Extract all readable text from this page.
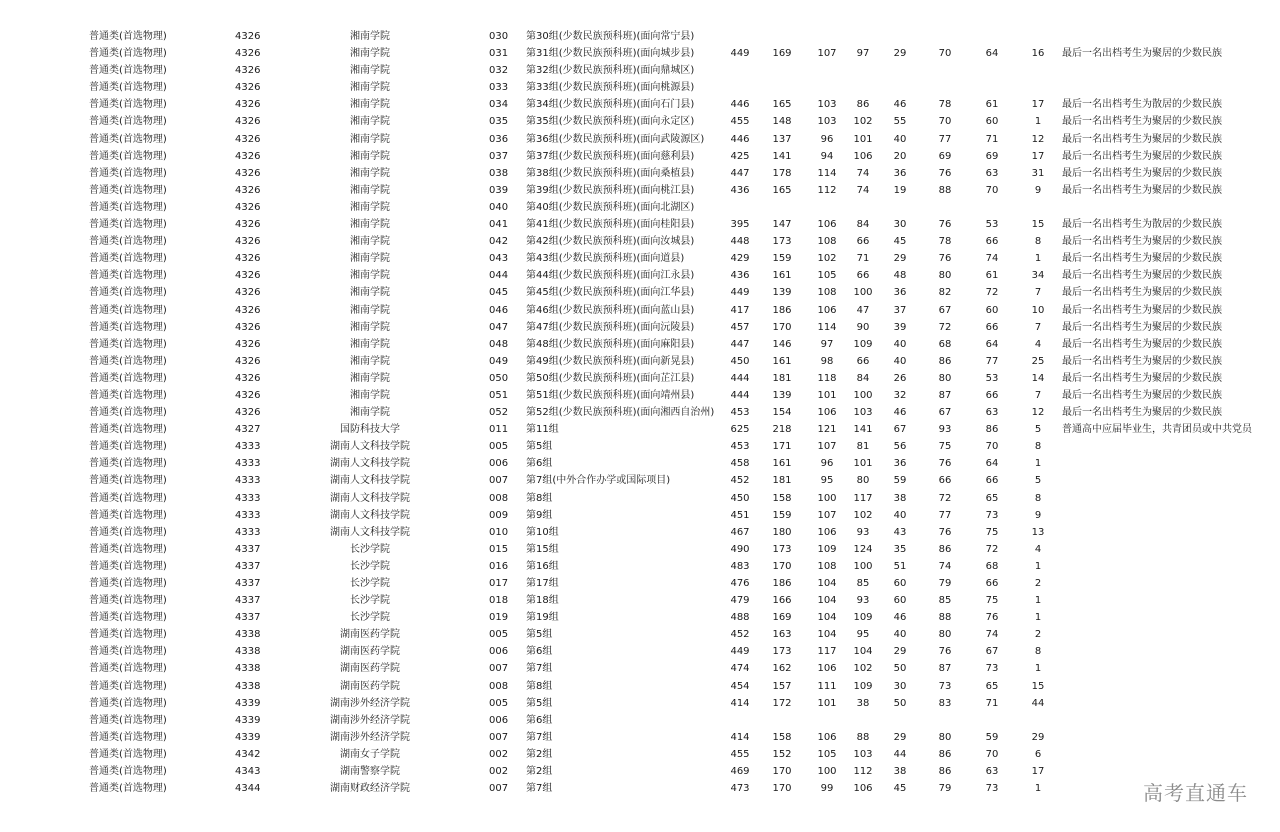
普通类(首选物理)	4326	湘南学院	030	第30组(少数民族预科班)(面向常宁县)
普通类(首选物理)	4326	湘南学院	031	第31组(少数民族预科班)(面向城步县)	449	169	107	97	29	70	64	16	最后一名出档考生为聚居的少数民族
普通类(首选物理)	4326	湘南学院	032	第32组(少数民族预科班)(面向鼎城区)
普通类(首选物理)	4326	湘南学院	033	第33组(少数民族预科班)(面向桃源县)
普通类(首选物理)	4326	湘南学院	034	第34组(少数民族预科班)(面向石门县)	446	165	103	86	46	78	61	17	最后一名出档考生为散居的少数民族
普通类(首选物理)	4326	湘南学院	035	第35组(少数民族预科班)(面向永定区)	455	148	103	102	55	70	60	1	最后一名出档考生为聚居的少数民族
普通类(首选物理)	4326	湘南学院	036	第36组(少数民族预科班)(面向武陵源区)	446	137	96	101	40	77	71	12	最后一名出档考生为聚居的少数民族
普通类(首选物理)	4326	湘南学院	037	第37组(少数民族预科班)(面向慈利县)	425	141	94	106	20	69	69	17	最后一名出档考生为聚居的少数民族
普通类(首选物理)	4326	湘南学院	038	第38组(少数民族预科班)(面向桑植县)	447	178	114	74	36	76	63	31	最后一名出档考生为聚居的少数民族
普通类(首选物理)	4326	湘南学院	039	第39组(少数民族预科班)(面向桃江县)	436	165	112	74	19	88	70	9	最后一名出档考生为聚居的少数民族
普通类(首选物理)	4326	湘南学院	040	第40组(少数民族预科班)(面向北湖区)
普通类(首选物理)	4326	湘南学院	041	第41组(少数民族预科班)(面向桂阳县)	395	147	106	84	30	76	53	15	最后一名出档考生为散居的少数民族
普通类(首选物理)	4326	湘南学院	042	第42组(少数民族预科班)(面向汝城县)	448	173	108	66	45	78	66	8	最后一名出档考生为聚居的少数民族
普通类(首选物理)	4326	湘南学院	043	第43组(少数民族预科班)(面向道县)	429	159	102	71	29	76	74	1	最后一名出档考生为聚居的少数民族
普通类(首选物理)	4326	湘南学院	044	第44组(少数民族预科班)(面向江永县)	436	161	105	66	48	80	61	34	最后一名出档考生为聚居的少数民族
普通类(首选物理)	4326	湘南学院	045	第45组(少数民族预科班)(面向江华县)	449	139	108	100	36	82	72	7	最后一名出档考生为聚居的少数民族
普通类(首选物理)	4326	湘南学院	046	第46组(少数民族预科班)(面向蓝山县)	417	186	106	47	37	67	60	10	最后一名出档考生为聚居的少数民族
普通类(首选物理)	4326	湘南学院	047	第47组(少数民族预科班)(面向沅陵县)	457	170	114	90	39	72	66	7	最后一名出档考生为聚居的少数民族
普通类(首选物理)	4326	湘南学院	048	第48组(少数民族预科班)(面向麻阳县)	447	146	97	109	40	68	64	4	最后一名出档考生为聚居的少数民族
普通类(首选物理)	4326	湘南学院	049	第49组(少数民族预科班)(面向新晃县)	450	161	98	66	40	86	77	25	最后一名出档考生为聚居的少数民族
普通类(首选物理)	4326	湘南学院	050	第50组(少数民族预科班)(面向芷江县)	444	181	118	84	26	80	53	14	最后一名出档考生为聚居的少数民族
普通类(首选物理)	4326	湘南学院	051	第51组(少数民族预科班)(面向靖州县)	444	139	101	100	32	87	66	7	最后一名出档考生为聚居的少数民族
普通类(首选物理)	4326	湘南学院	052	第52组(少数民族预科班)(面向湘西自治州)	453	154	106	103	46	67	63	12	最后一名出档考生为聚居的少数民族
普通类(首选物理)	4327	国防科技大学	011	第11组	625	218	121	141	67	93	86	5	普通高中应届毕业生，共青团员或中共党员
普通类(首选物理)	4333	湖南人文科技学院	005	第5组	453	171	107	81	56	75	70	8
普通类(首选物理)	4333	湖南人文科技学院	006	第6组	458	161	96	101	36	76	64	1
普通类(首选物理)	4333	湖南人文科技学院	007	第7组(中外合作办学或国际项目)	452	181	95	80	59	66	66	5
普通类(首选物理)	4333	湖南人文科技学院	008	第8组	450	158	100	117	38	72	65	8
普通类(首选物理)	4333	湖南人文科技学院	009	第9组	451	159	107	102	40	77	73	9
普通类(首选物理)	4333	湖南人文科技学院	010	第10组	467	180	106	93	43	76	75	13
普通类(首选物理)	4337	长沙学院	015	第15组	490	173	109	124	35	86	72	4
普通类(首选物理)	4337	长沙学院	016	第16组	483	170	108	100	51	74	68	1
普通类(首选物理)	4337	长沙学院	017	第17组	476	186	104	85	60	79	66	2
普通类(首选物理)	4337	长沙学院	018	第18组	479	166	104	93	60	85	75	1
普通类(首选物理)	4337	长沙学院	019	第19组	488	169	104	109	46	88	76	1
普通类(首选物理)	4338	湖南医药学院	005	第5组	452	163	104	95	40	80	74	2
普通类(首选物理)	4338	湖南医药学院	006	第6组	449	173	117	104	29	76	67	8
普通类(首选物理)	4338	湖南医药学院	007	第7组	474	162	106	102	50	87	73	1
普通类(首选物理)	4338	湖南医药学院	008	第8组	454	157	111	109	30	73	65	15
普通类(首选物理)	4339	湖南涉外经济学院	005	第5组	414	172	101	38	50	83	71	44
普通类(首选物理)	4339	湖南涉外经济学院	006	第6组
普通类(首选物理)	4339	湖南涉外经济学院	007	第7组	414	158	106	88	29	80	59	29
普通类(首选物理)	4342	湖南女子学院	002	第2组	455	152	105	103	44	86	70	6
普通类(首选物理)	4343	湖南警察学院	002	第2组	469	170	100	112	38	86	63	17
普通类(首选物理)	4344	湖南财政经济学院	007	第7组	473	170	99	106	45	79	73	1	高考直通车
